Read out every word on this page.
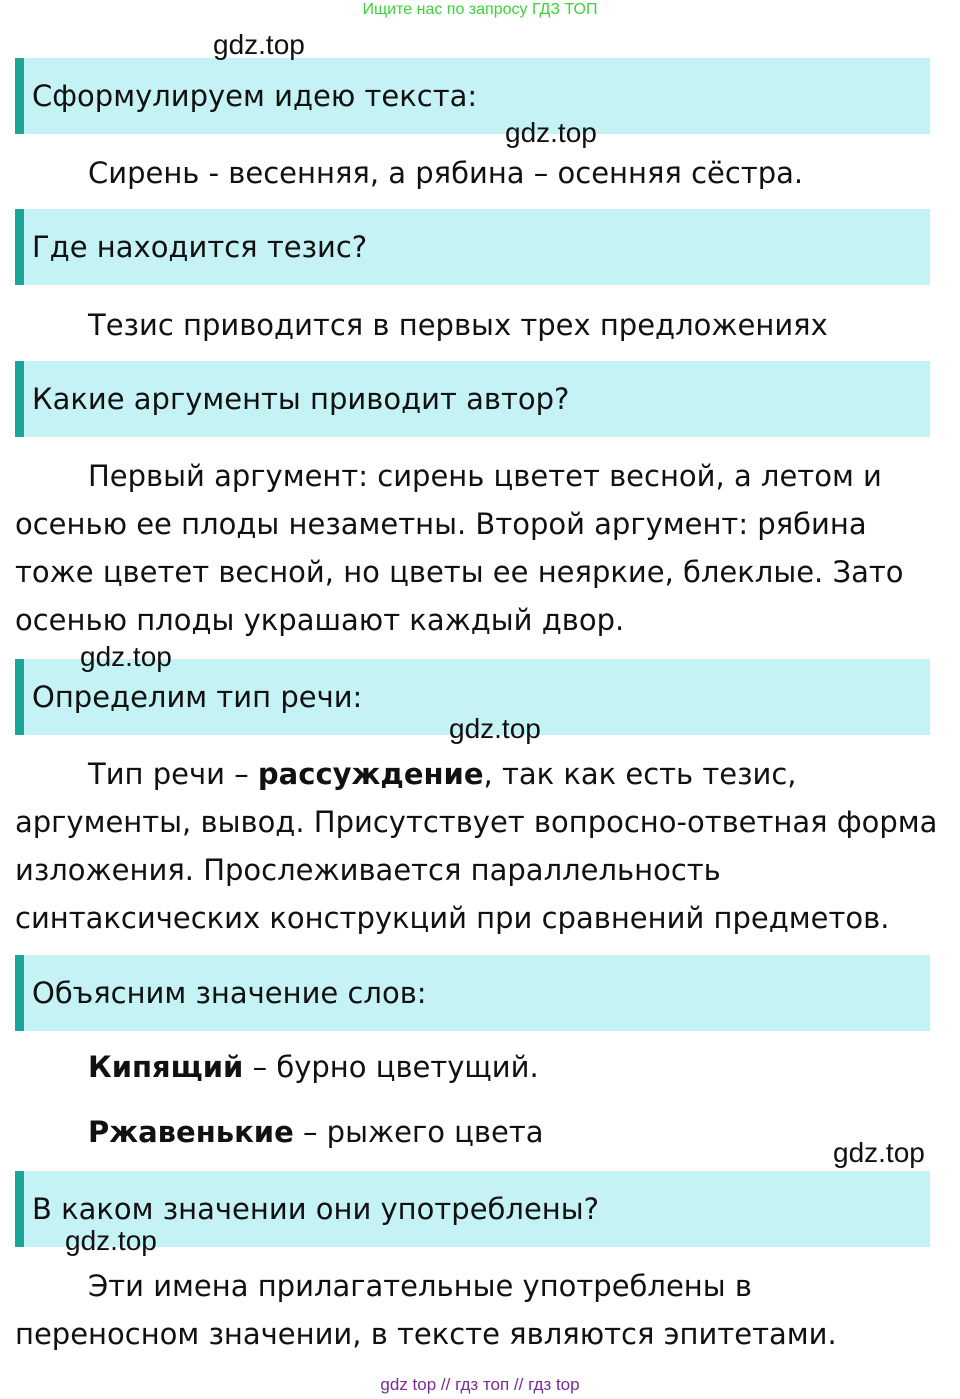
Ищите нас по запросу ГДЗ ТОП
gdz.top
gdz.top
gdz.top
gdz.top
gdz.top
gdz.top
Сформулируем идею текста:
Сирень - весенняя, а рябина – осенняя сёстра.
Где находится тезис?
Тезис приводится в первых трех предложениях
Какие аргументы приводит автор?
Первый аргумент: сирень цветет весной, а летом и осенью ее плоды незаметны. Второй аргумент: рябина тоже цветет весной, но цветы ее неяркие, блеклые. Зато осенью плоды украшают каждый двор.
Определим тип речи:
Тип речи – рассуждение, так как есть тезис, аргументы, вывод. Присутствует вопросно-ответная форма изложения. Прослеживается параллельность синтаксических конструкций при сравнений предметов.
Объясним значение слов:
Кипящий – бурно цветущий.
Ржавенькие – рыжего цвета
В каком значении они употреблены?
Эти имена прилагательные употреблены в переносном значении, в тексте являются эпитетами.
gdz top // гдз топ // гдз top
